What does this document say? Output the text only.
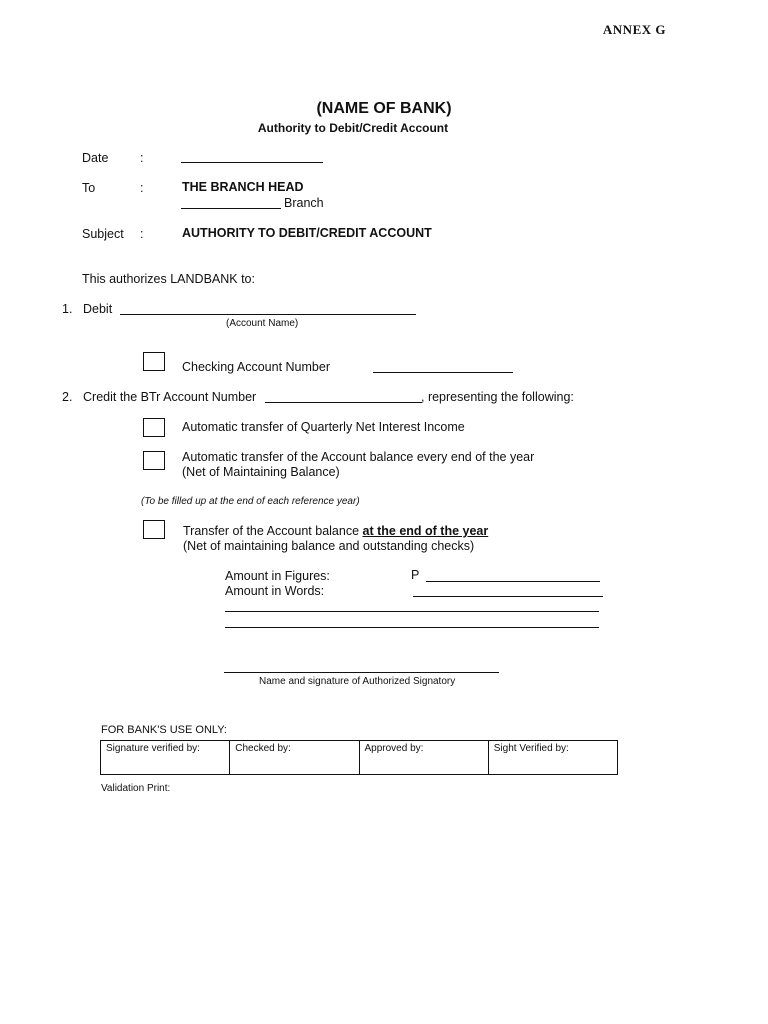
ANNEX G
(NAME OF BANK)
Authority to Debit/Credit Account
Date	:
To	:	THE BRANCH HEAD
Branch
Subject :	AUTHORITY TO DEBIT/CREDIT ACCOUNT
This authorizes LANDBANK to:
1. Debit
(Account Name)
Checking Account Number
2. Credit the BTr Account Number	, representing the following:
Automatic transfer of Quarterly Net Interest Income
Automatic transfer of the Account balance every end of the year
(Net of Maintaining Balance)
(To be filled up at the end of each reference year)
Transfer of the Account balance at the end of the year
(Net of maintaining balance and outstanding checks)
Amount in Figures:	P
Amount in Words:
Name and signature of Authorized Signatory
FOR BANK'S USE ONLY:
Signature verified by:	Checked by:	Approved by:	Sight Verified by:
Validation Print:
